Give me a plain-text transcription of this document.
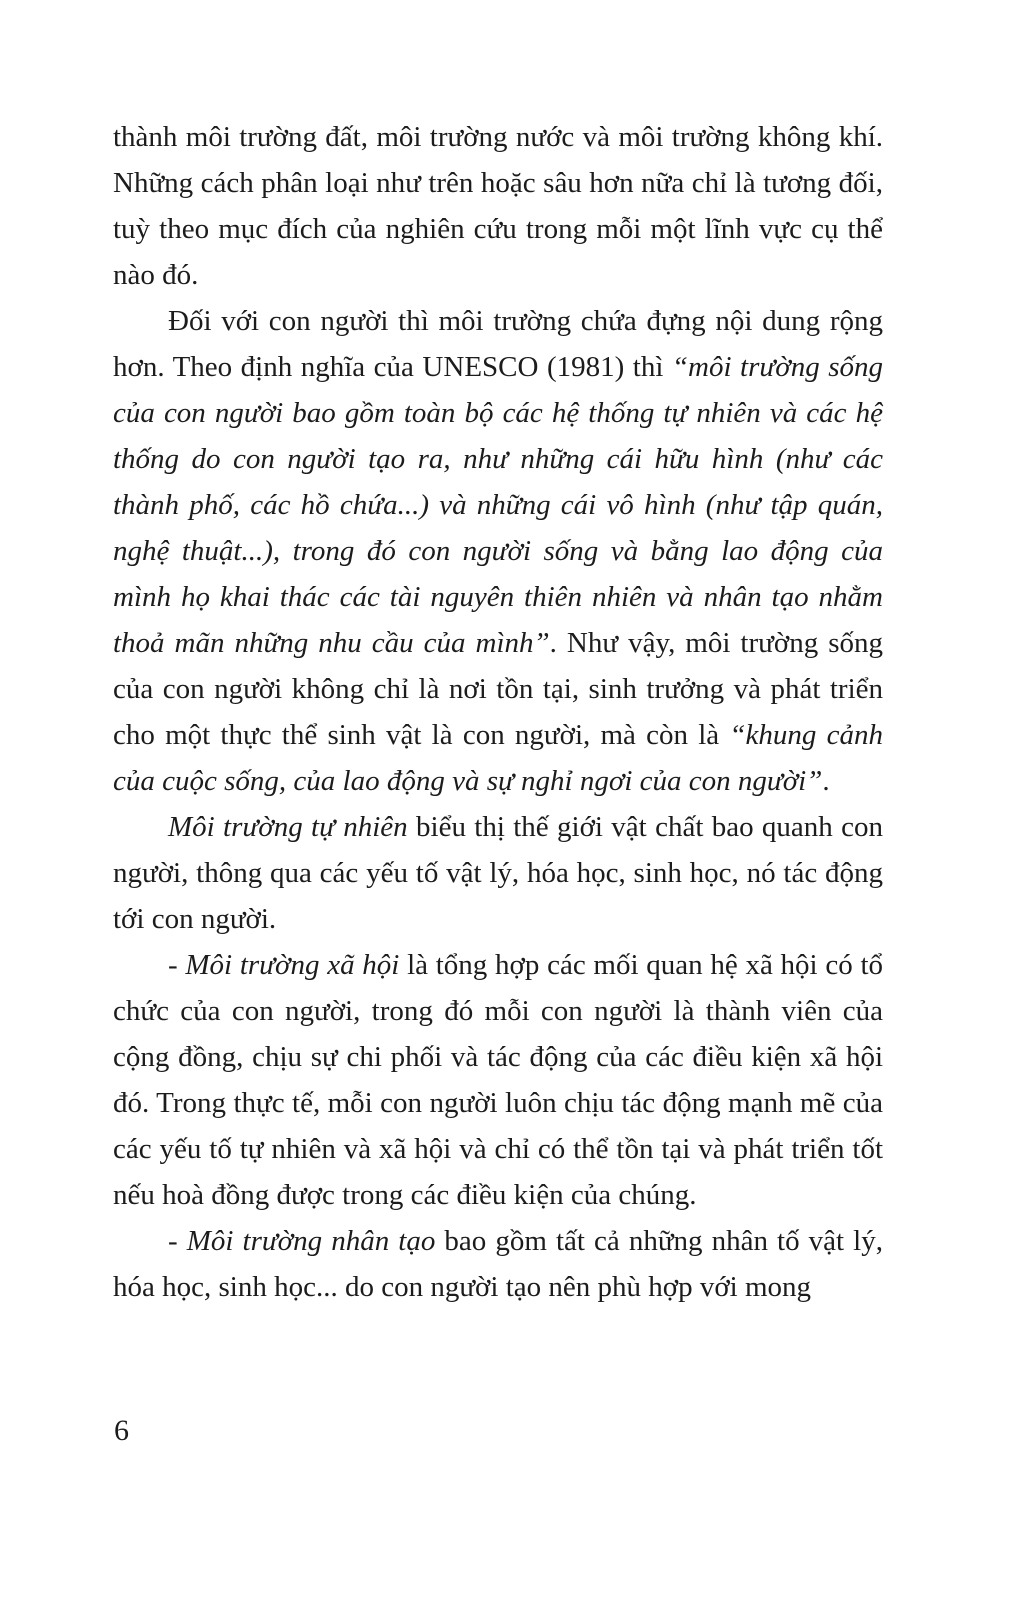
thành môi trường đất, môi trường nước và môi trường không khí. Những cách phân loại như trên hoặc sâu hơn nữa chỉ là tương đối, tuỳ theo mục đích của nghiên cứu trong mỗi một lĩnh vực cụ thể nào đó.

Đối với con người thì môi trường chứa đựng nội dung rộng hơn. Theo định nghĩa của UNESCO (1981) thì “môi trường sống của con người bao gồm toàn bộ các hệ thống tự nhiên và các hệ thống do con người tạo ra, như những cái hữu hình (như các thành phố, các hồ chứa...) và những cái vô hình (như tập quán, nghệ thuật...), trong đó con người sống và bằng lao động của mình họ khai thác các tài nguyên thiên nhiên và nhân tạo nhằm thoả mãn những nhu cầu của mình”. Như vậy, môi trường sống của con người không chỉ là nơi tồn tại, sinh trưởng và phát triển cho một thực thể sinh vật là con người, mà còn là “khung cảnh của cuộc sống, của lao động và sự nghỉ ngơi của con người”.

Môi trường tự nhiên biểu thị thế giới vật chất bao quanh con người, thông qua các yếu tố vật lý, hóa học, sinh học, nó tác động tới con người.

- Môi trường xã hội là tổng hợp các mối quan hệ xã hội có tổ chức của con người, trong đó mỗi con người là thành viên của cộng đồng, chịu sự chi phối và tác động của các điều kiện xã hội đó. Trong thực tế, mỗi con người luôn chịu tác động mạnh mẽ của các yếu tố tự nhiên và xã hội và chỉ có thể tồn tại và phát triển tốt nếu hoà đồng được trong các điều kiện của chúng.

- Môi trường nhân tạo bao gồm tất cả những nhân tố vật lý, hóa học, sinh học... do con người tạo nên phù hợp với mong

6
